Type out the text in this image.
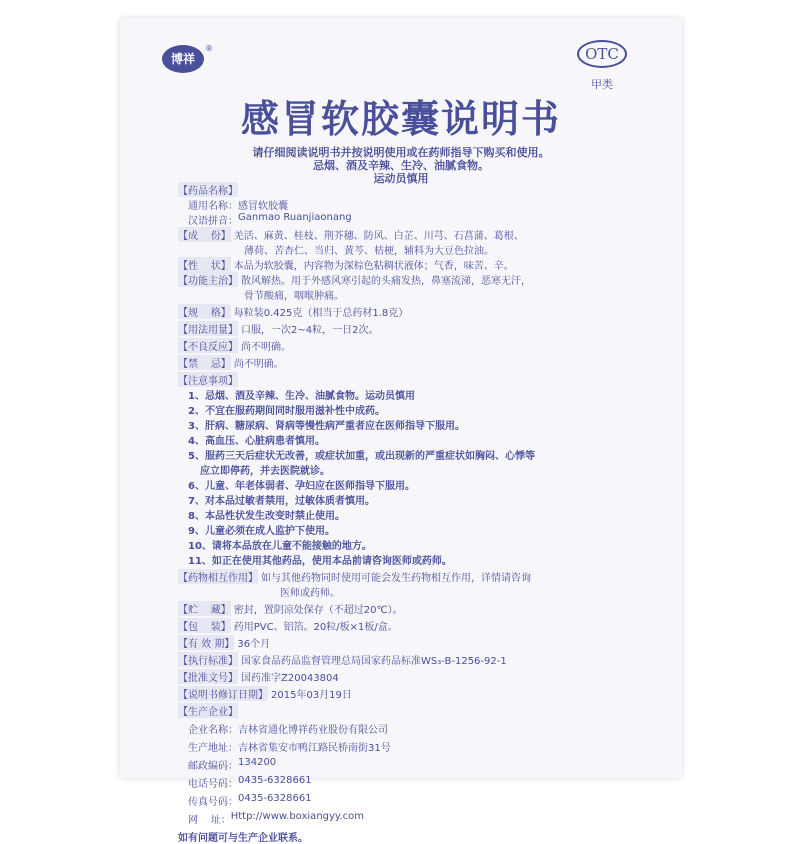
博祥
®	OTC
甲类
感冒软胶囊说明书
请仔细阅读说明书并按说明使用或在药师指导下购买和使用。
忌烟、酒及辛辣、生冷、油腻食物。
运动员慎用
【药品名称】
通用名称： 感冒软胶囊
汉语拼音： Ganmao Ruanjiaonang
【成    份】 羌活、麻黄、桂枝、荆芥穗、防风、白芷、川芎、石菖蒲、葛根、
薄荷、苦杏仁、当归、黄芩、桔梗，辅料为大豆色拉油。
【性    状】 本品为软胶囊，内容物为深棕色粘稠状液体；气香，味苦、辛。
【功能主治】 散风解热。用于外感风寒引起的头痛发热，鼻塞流涕，恶寒无汗，
骨节酸痛，咽喉肿痛。
【规    格】 每粒装0.425克（相当于总药材1.8克）
【用法用量】 口服，一次2~4粒，一日2次。
【不良反应】 尚不明确。
【禁    忌】 尚不明确。
【注意事项】
1、忌烟、酒及辛辣、生冷、油腻食物。运动员慎用
2、不宜在服药期间同时服用滋补性中成药。
3、肝病、糖尿病、肾病等慢性病严重者应在医师指导下服用。
4、高血压、心脏病患者慎用。
5、服药三天后症状无改善，或症状加重，或出现新的严重症状如胸闷、心悸等
应立即停药，并去医院就诊。
6、儿童、年老体弱者、孕妇应在医师指导下服用。
7、对本品过敏者禁用，过敏体质者慎用。
8、本品性状发生改变时禁止使用。
9、儿童必须在成人监护下使用。
10、请将本品放在儿童不能接触的地方。
11、如正在使用其他药品，使用本品前请咨询医师或药师。
【药物相互作用】 如与其他药物同时使用可能会发生药物相互作用，详情请咨询
医师或药师。
【贮    藏】 密封，置阴凉处保存（不超过20℃）。
【包    装】 药用PVC、铝箔。20粒/板×1板/盒。
【有 效 期】 36个月
【执行标准】 国家食品药品监督管理总局国家药品标准WS₃-B-1256-92-1
【批准文号】 国药准字Z20043804
【说明书修订日期】 2015年03月19日
【生产企业】
企业名称： 吉林省通化博祥药业股份有限公司
生产地址： 吉林省集安市鸭江路民桥南街31号
邮政编码： 134200
电话号码： 0435-6328661
传真号码： 0435-6328661
网    址： Http://www.boxiangyy.com
如有问题可与生产企业联系。
